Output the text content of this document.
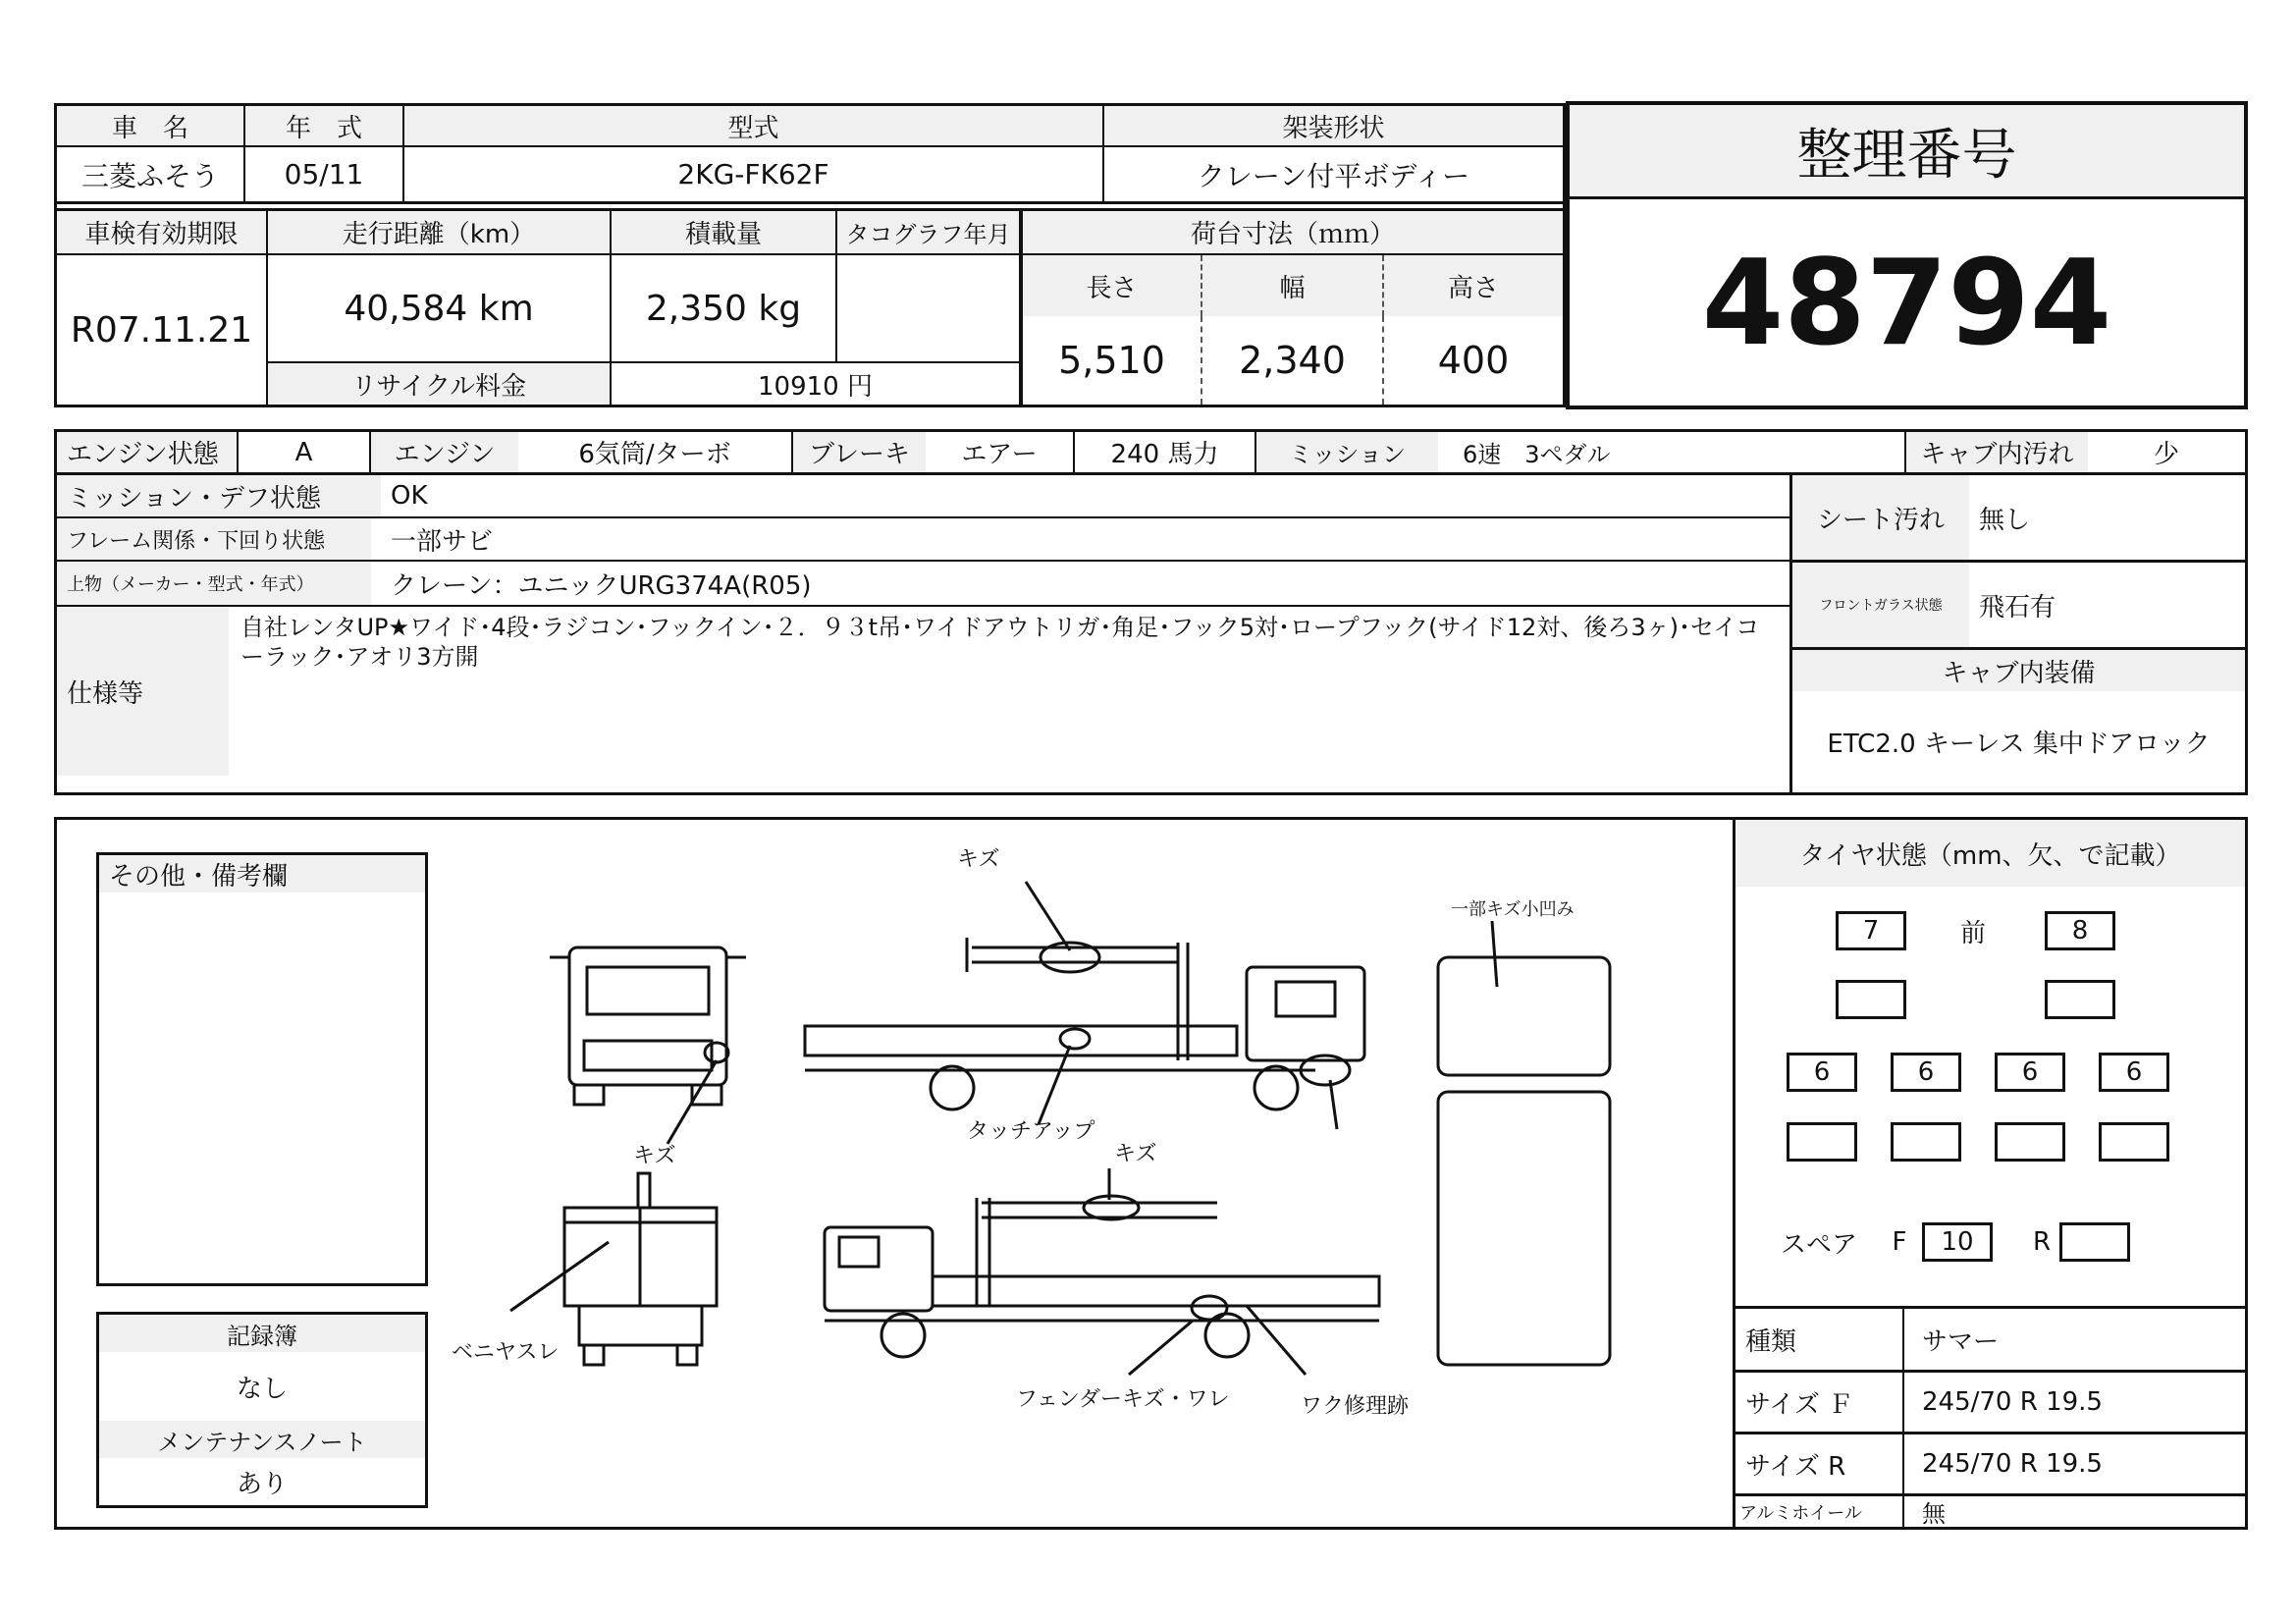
車　名	年　式	型式	架装形状
三菱ふそう	05/11	2KG-FK62F	クレーン付平ボディー
車検有効期限	走行距離（km）	積載量	タコグラフ年月	荷台寸法（ｍｍ）
R07.11.21
40,584 km	2,350 kg
リサイクル料金	10910 円
長さ	幅	高さ
5,510	2,340	400
整理番号
48794
エンジン状態	A	エンジン	6気筒/ターボ	ブレーキ	エアー	240 馬力	ミッション	6速　3ペダル	キャブ内汚れ	少
ミッション・デフ状態	OK
フレーム関係・下回り状態	一部サビ
上物（メーカー・型式・年式）	クレーン：ユニックURG374A(R05)
仕様等
自社レンタUP★ワイド･4段･ラジコン･フックイン･２．９３t吊･ワイドアウトリガ･角足･フック5対･ロープフック(サイド12対、後ろ3ヶ)･セイコ
ーラック･アオリ3方開
シート汚れ	無し
フロントガラス状態	飛石有
キャブ内装備
ETC2.0 キーレス 集中ドアロック
その他・備考欄
記録簿
なし
メンテナンスノート
あり
キズ
一部キズ小凹み
タッチアップ
キズ	キズ
ベニヤスレ
フェンダーキズ・ワレ	ワク修理跡
タイヤ状態（mm、欠、で記載）
7	前	8
6	6	6	6
スペア F	10	R
種類	サマー
サイズ Ｆ	245/70 R 19.5
サイズ R	245/70 R 19.5
アルミホイール	無
